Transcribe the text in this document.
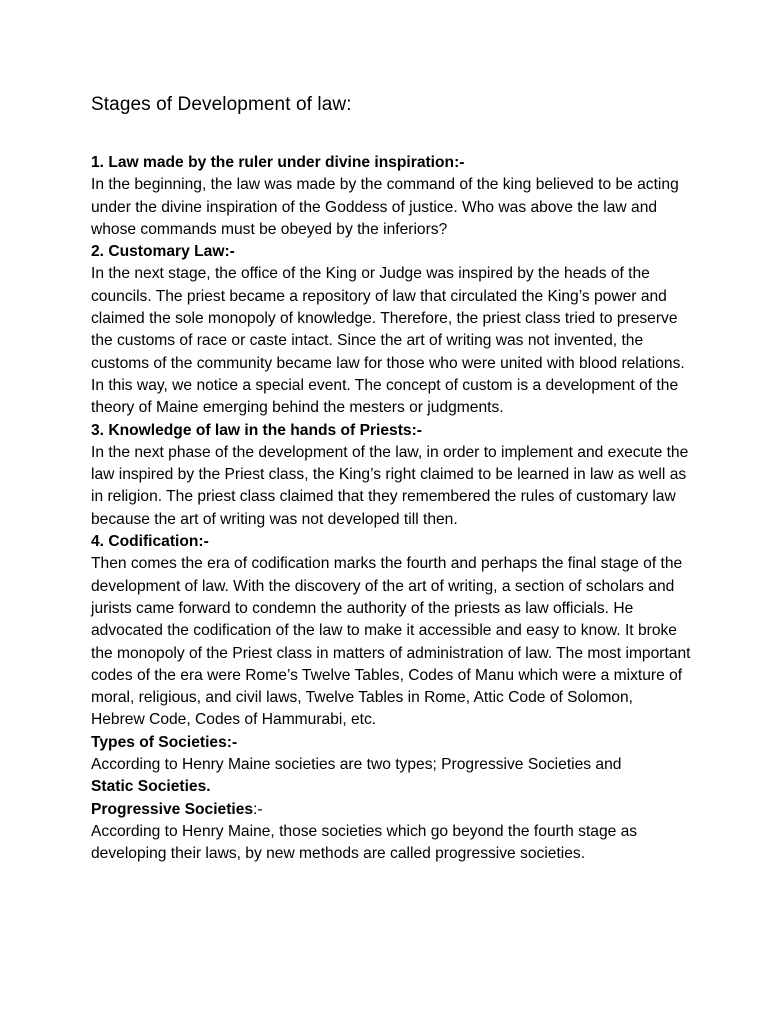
Stages of Development of law:

1. Law made by the ruler under divine inspiration:-

In the beginning, the law was made by the command of the king believed to be acting under the divine inspiration of the Goddess of justice. Who was above the law and whose commands must be obeyed by the inferiors?

2. Customary Law:-

In the next stage, the office of the King or Judge was inspired by the heads of the councils. The priest became a repository of law that circulated the King’s power and claimed the sole monopoly of knowledge. Therefore, the priest class tried to preserve the customs of race or caste intact. Since the art of writing was not invented, the customs of the community became law for those who were united with blood relations. In this way, we notice a special event. The concept of custom is a development of the theory of Maine emerging behind the mesters or judgments.

3. Knowledge of law in the hands of Priests:-

In the next phase of the development of the law, in order to implement and execute the law inspired by the Priest class, the King’s right claimed to be learned in law as well as in religion. The priest class claimed that they remembered the rules of customary law because the art of writing was not developed till then.

4. Codification:-

Then comes the era of codification marks the fourth and perhaps the final stage of the development of law. With the discovery of the art of writing, a section of scholars and jurists came forward to condemn the authority of the priests as law officials. He advocated the codification of the law to make it accessible and easy to know. It broke the monopoly of the Priest class in matters of administration of law. The most important codes of the era were Rome’s Twelve Tables, Codes of Manu which were a mixture of moral, religious, and civil laws, Twelve Tables in Rome, Attic Code of Solomon, Hebrew Code, Codes of Hammurabi, etc.

Types of Societies:-

According to Henry Maine societies are two types; Progressive Societies and
Static Societies.

Progressive Societies:-

According to Henry Maine, those societies which go beyond the fourth stage as developing their laws, by new methods are called progressive societies.
